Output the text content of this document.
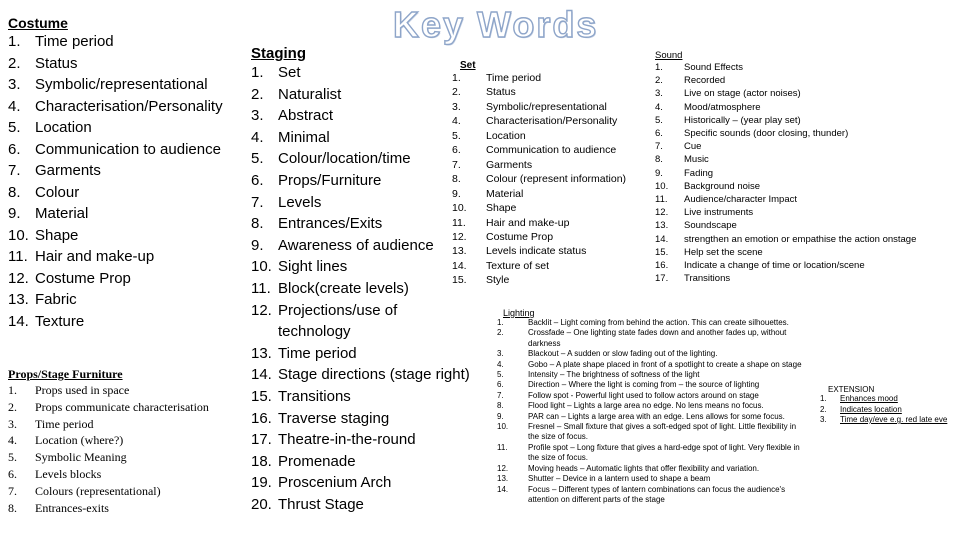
Key Words
Costume
1. Time period
2. Status
3. Symbolic/representational
4. Characterisation/Personality
5. Location
6. Communication to audience
7. Garments
8. Colour
9. Material
10. Shape
11. Hair and make-up
12. Costume Prop
13. Fabric
14. Texture
Props/Stage Furniture
1. Props used in space
2. Props communicate characterisation
3. Time period
4. Location (where?)
5. Symbolic Meaning
6. Levels blocks
7. Colours (representational)
8. Entrances-exits
Staging
1. Set
2. Naturalist
3. Abstract
4. Minimal
5. Colour/location/time
6. Props/Furniture
7. Levels
8. Entrances/Exits
9. Awareness of audience
10. Sight lines
11. Block(create levels)
12. Projections/use of
technology
13. Time period
14. Stage directions (stage right)
15. Transitions
16. Traverse staging
17. Theatre-in-the-round
18. Promenade
19. Proscenium Arch
20. Thrust Stage
Set
1. Time period
2. Status
3. Symbolic/representational
4. Characterisation/Personality
5. Location
6. Communication to audience
7. Garments
8. Colour (represent information)
9. Material
10. Shape
11. Hair and make-up
12. Costume Prop
13. Levels indicate status
14. Texture of set
15. Style
Sound
1. Sound Effects
2. Recorded
3. Live on stage (actor noises)
4. Mood/atmosphere
5. Historically – (year play set)
6. Specific sounds (door closing, thunder)
7. Cue
8. Music
9. Fading
10. Background noise
11. Audience/character Impact
12. Live instruments
13. Soundscape
14. strengthen an emotion or empathise the action onstage
15. Help set the scene
16. Indicate a change of time or location/scene
17. Transitions
Lighting
1.	Backlit – Light coming from behind the action. This can create silhouettes.
2.	Crossfade – One lighting state fades down and another fades up, without darkness
3.	Blackout – A sudden or slow fading out of the lighting.
4.	Gobo – A plate shape placed in front of a spotlight to create a shape on stage
5.	Intensity – The brightness of softness of the light
6.	Direction – Where the light is coming from – the source of lighting
7.	Follow spot - Powerful light used to follow actors around on stage
8.	Flood light – Lights a large area no edge. No lens means no focus.
9.	PAR can – Lights a large area with an edge. Lens allows for some focus.
10.	Fresnel – Small fixture that gives a soft-edged spot of light. Little flexibility in the size of focus.
11.	Profile spot – Long fixture that gives a hard-edge spot of light. Very flexible in the size of focus.
12.	Moving heads – Automatic lights that offer flexibility and variation.
13.	Shutter – Device in a lantern used to shape a beam
14.	Focus – Different types of lantern combinations can focus the audience's attention on different parts of the stage
EXTENSION
1. Enhances mood
2. Indicates location
3. Time day/eve e.g. red late eve
